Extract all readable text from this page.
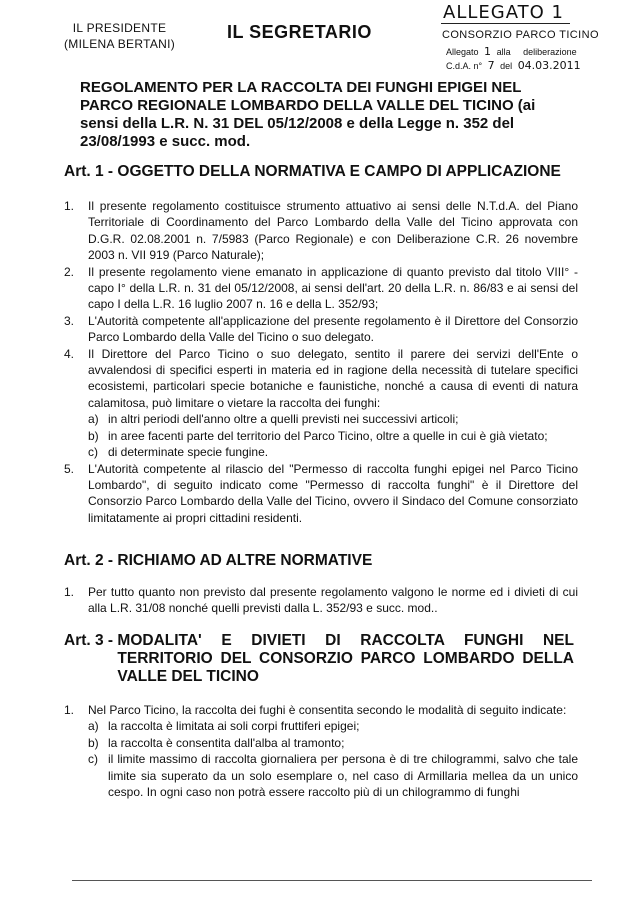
IL PRESIDENTE
(MILENA BERTANI)
IL SEGRETARIO
ALLEGATO 1
CONSORZIO PARCO TICINO
Allegato 1 alla deliberazione
C.d.A. n° 7 del 04.03.2011
REGOLAMENTO PER LA RACCOLTA DEI FUNGHI EPIGEI NEL PARCO REGIONALE LOMBARDO DELLA VALLE DEL TICINO (ai sensi della L.R. N. 31 DEL 05/12/2008 e della Legge n. 352 del 23/08/1993 e succ. mod.
Art. 1 - OGGETTO DELLA NORMATIVA E CAMPO DI APPLICAZIONE
1.	Il presente regolamento costituisce strumento attuativo ai sensi delle N.T.d.A. del Piano Territoriale di Coordinamento del Parco Lombardo della Valle del Ticino approvata con D.G.R. 02.08.2001 n. 7/5983 (Parco Regionale) e con Deliberazione C.R. 26 novembre 2003 n. VII 919 (Parco Naturale);
2.	Il presente regolamento viene emanato in applicazione di quanto previsto dal titolo VIII° - capo I° della L.R. n. 31 del 05/12/2008, ai sensi dell'art. 20 della L.R. n. 86/83 e ai sensi del capo I della L.R. 16 luglio 2007 n. 16 e della L. 352/93;
3.	L'Autorità competente all'applicazione del presente regolamento è il Direttore del Consorzio Parco Lombardo della Valle del Ticino o suo delegato.
4.	Il Direttore del Parco Ticino o suo delegato, sentito il parere dei servizi dell'Ente o avvalendosi di specifici esperti in materia ed in ragione della necessità di tutelare specifici ecosistemi, particolari specie botaniche e faunistiche, nonché a causa di eventi di natura calamitosa, può limitare o vietare la raccolta dei funghi:
a) in altri periodi dell'anno oltre a quelli previsti nei successivi articoli;
b) in aree facenti parte del territorio del Parco Ticino, oltre a quelle in cui è già vietato;
c) di determinate specie fungine.
5.	L'Autorità competente al rilascio del "Permesso di raccolta funghi epigei nel Parco Ticino Lombardo", di seguito indicato come "Permesso di raccolta funghi" è il Direttore del Consorzio Parco Lombardo della Valle del Ticino, ovvero il Sindaco del Comune consorziato limitatamente ai propri cittadini residenti.
Art. 2 - RICHIAMO AD ALTRE NORMATIVE
1.	Per tutto quanto non previsto dal presente regolamento valgono le norme ed i divieti di cui alla L.R. 31/08 nonché quelli previsti dalla L. 352/93 e succ. mod..
Art. 3 - MODALITA' E DIVIETI DI RACCOLTA FUNGHI NEL TERRITORIO DEL CONSORZIO PARCO LOMBARDO DELLA VALLE DEL TICINO
1.	Nel Parco Ticino, la raccolta dei fughi è consentita secondo le modalità di seguito indicate:
a) la raccolta è limitata ai soli corpi fruttiferi epigei;
b) la raccolta è consentita dall'alba al tramonto;
c) il limite massimo di raccolta giornaliera per persona è di tre chilogrammi, salvo che tale limite sia superato da un solo esemplare o, nel caso di Armillaria mellea da un unico cespo. In ogni caso non potrà essere raccolto più di un chilogrammo di funghi
